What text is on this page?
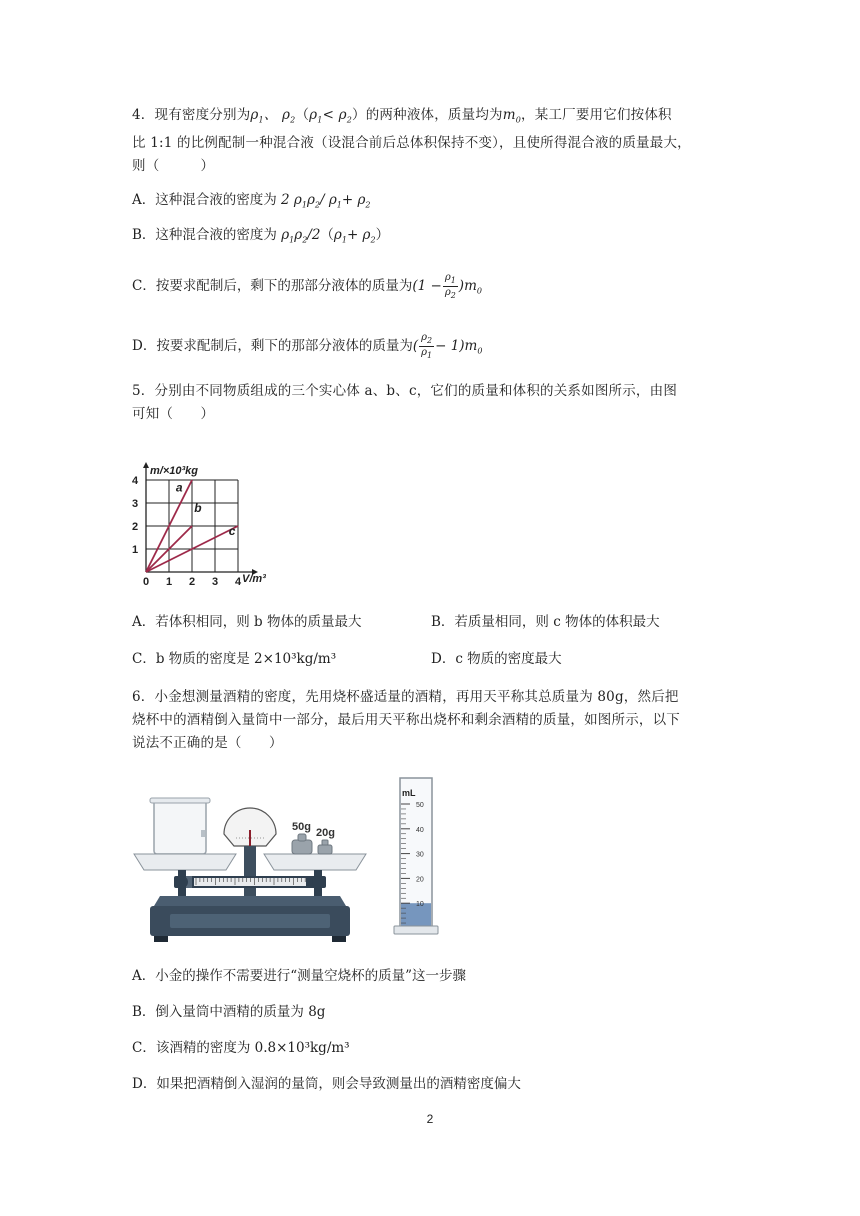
4．现有密度分别为$\rho_1$、 $\rho_2(\rho_1< \rho_2)$的两种液体，质量均为$m_0$，某工厂要用它们按体积
比 1:1 的比例配制一种混合液（设混合前后总体积保持不变），且使所得混合液的质量最大，
则（　　　）
A．这种混合液的密度为 2 $\rho_1\rho_2/$ $\rho_1+ \rho_2$
B．这种混合液的密度为 $\rho_1\rho_2/2(\rho_1+ \rho_2)$
C．按要求配制后，剩下的那部分液体的质量为$(1 - \frac{\rho_1}{\rho_2} )m_0$
D．按要求配制后，剩下的那部分液体的质量为( $\frac{\rho_2}{\rho_1} - 1)m_0$
5．分别由不同物质组成的三个实心体 a、b、c，它们的质量和体积的关系如图所示，由图
可知（　　）
0 1 2 3 4
1
2
3
4
m/×10³kg
V/m³
a
b
c
A．若体积相同，则 b 物体的质量最大	B．若质量相同，则 c 物体的体积最大
C．b 物质的密度是 2×10³kg/m³	D．c 物质的密度最大
6．小金想测量酒精的密度，先用烧杯盛适量的酒精，再用天平称其总质量为 80g，然后把
烧杯中的酒精倒入量筒中一部分，最后用天平称出烧杯和剩余酒精的质量，如图所示，以下
说法不正确的是（　　）
50g 20g
mL
50
40
30
20
10
A．小金的操作不需要进行“测量空烧杯的质量”这一步骤
B．倒入量筒中酒精的质量为 8g
C．该酒精的密度为 0.8×10³kg/m³
D．如果把酒精倒入湿润的量筒，则会导致测量出的酒精密度偏大
2
